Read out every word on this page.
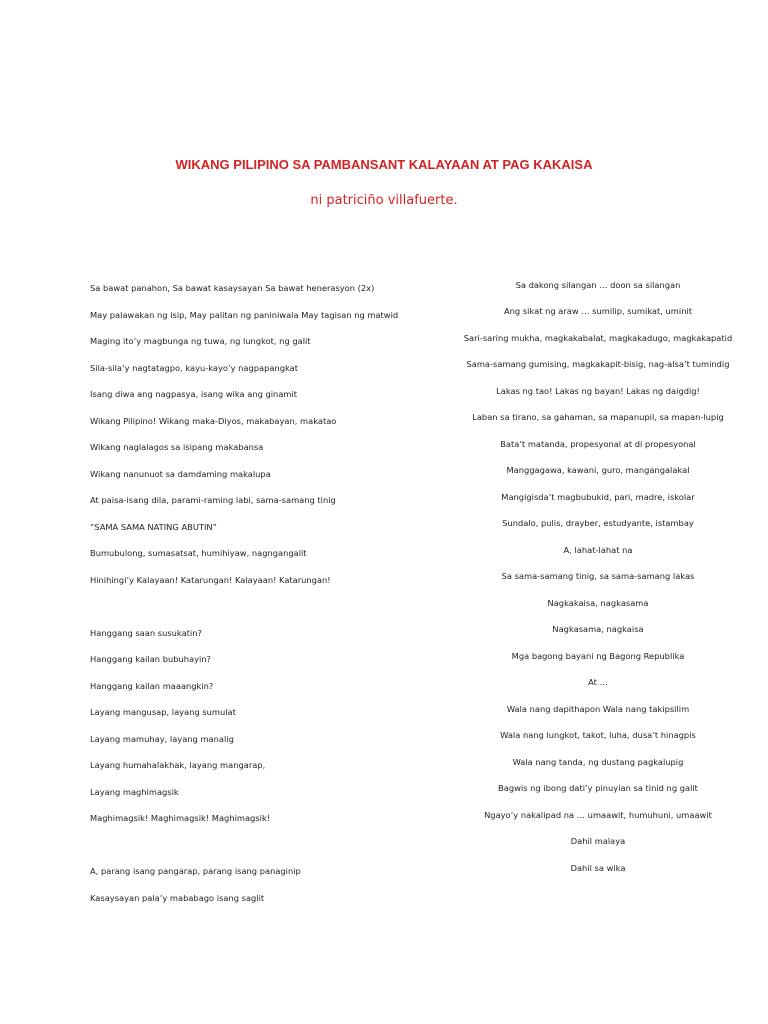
WIKANG PILIPINO SA PAMBANSANT KALAYAAN AT PAG KAKAISA

ni patriciño villafuerte.

Sa bawat panahon, Sa bawat kasaysayan Sa bawat henerasyon (2x)
May palawakan ng isip, May palitan ng paniniwala May tagisan ng matwid
Maging ito’y magbunga ng tuwa, ng lungkot, ng galit
Sila-sila’y nagtatagpo, kayu-kayo’y nagpapangkat
Isang diwa ang nagpasya, isang wika ang ginamit
Wikang Pilipino! Wikang maka-Diyos, makabayan, makatao
Wikang naglalagos sa isipang makabansa
Wikang nanunuot sa damdaming makalupa
At paisa-isang dila, parami-raming labi, sama-samang tinig
“SAMA SAMA NATING ABUTIN”
Bumubulong, sumasatsat, humihiyaw, nagngangalit
Hinihingi’y Kalayaan! Katarungan! Kalayaan! Katarungan!
Hanggang saan susukatin?
Hanggang kailan bubuhayin?
Hanggang kailan maaangkin?
Layang mangusap, layang sumulat
Layang mamuhay, layang manalig
Layang humahalakhak, layang mangarap,
Layang maghimagsik
Maghimagsik! Maghimagsik! Maghimagsik!
A, parang isang pangarap, parang isang panaginip
Kasaysayan pala’y mababago isang saglit
Sa dakong silangan … doon sa silangan
Ang sikat ng araw … sumilip, sumikat, uminit
Sari-saring mukha, magkakabalat, magkakadugo, magkakapatid
Sama-samang gumising, magkakapit-bisig, nag-alsa’t tumindig
Lakas ng tao! Lakas ng bayan! Lakas ng daigdig!
Laban sa tirano, sa gahaman, sa mapanupil, sa mapan-lupig
Bata’t matanda, propesyonal at di propesyonal
Manggagawa, kawani, guro, mangangalakal
Mangigisda’t magbubukid, pari, madre, iskolar
Sundalo, pulis, drayber, estudyante, istambay
A, lahat-lahat na
Sa sama-samang tinig, sa sama-samang lakas
Nagkakaisa, nagkasama
Nagkasama, nagkaisa
Mga bagong bayani ng Bagong Republika
At …
Wala nang dapithapon Wala nang takipsilim
Wala nang lungkot, takot, luha, dusa’t hinagpis
Wala nang tanda, ng dustang pagkalupig
Bagwis ng ibong dati’y pinuyian sa tinid ng galit
Ngayo’y nakalipad na … umaawit, humuhuni, umaawit
Dahil malaya
Dahil sa wika
